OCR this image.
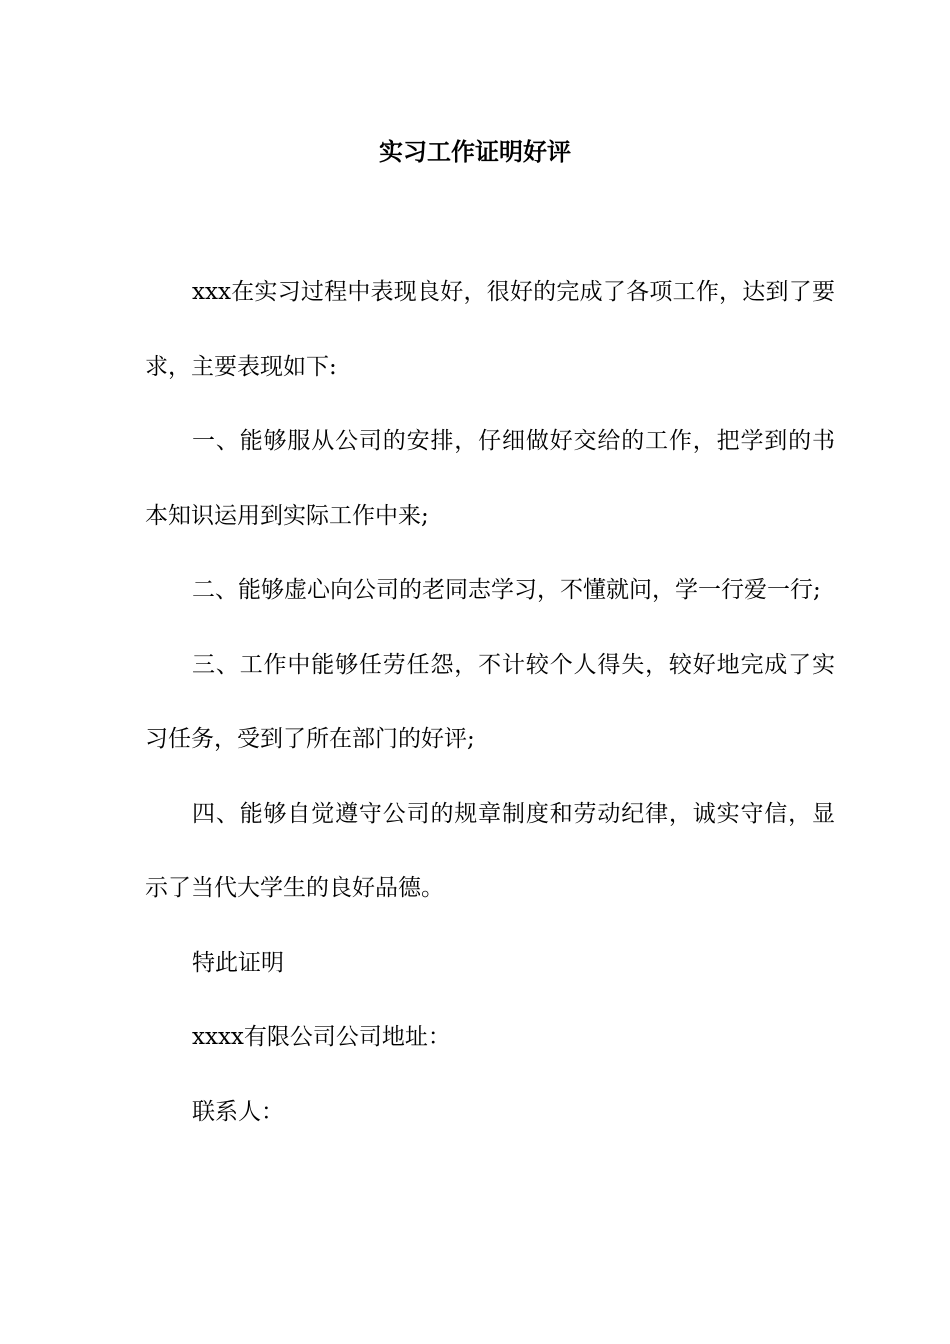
实习工作证明好评

xxx在实习过程中表现良好，很好的完成了各项工作，达到了要求，主要表现如下:

一、能够服从公司的安排，仔细做好交给的工作，把学到的书本知识运用到实际工作中来;

二、能够虚心向公司的老同志学习，不懂就问，学一行爱一行;

三、工作中能够任劳任怨，不计较个人得失，较好地完成了实习任务，受到了所在部门的好评;

四、能够自觉遵守公司的规章制度和劳动纪律，诚实守信，显示了当代大学生的良好品德。

特此证明

xxxx有限公司公司地址：

联系人：
